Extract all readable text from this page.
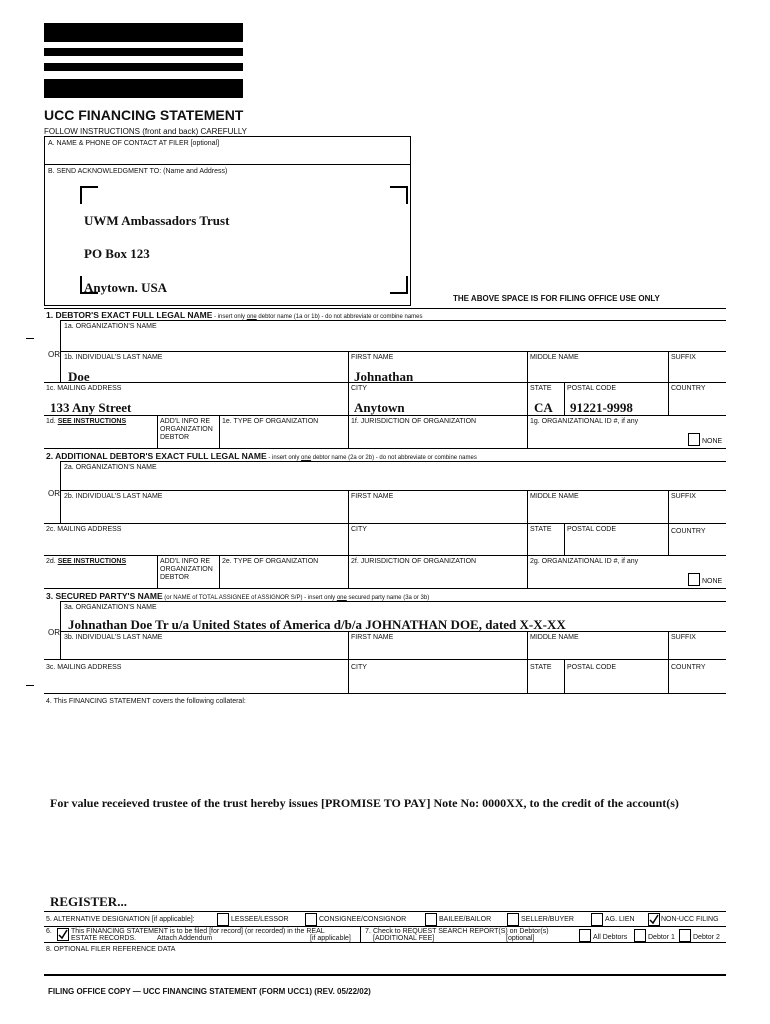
UCC FINANCING STATEMENT
FOLLOW INSTRUCTIONS (front and back) CAREFULLY
A. NAME & PHONE OF CONTACT AT FILER [optional]
B. SEND ACKNOWLEDGMENT TO: (Name and Address)
UWM Ambassadors Trust
PO Box 123
Anytown. USA
THE ABOVE SPACE IS FOR FILING OFFICE USE ONLY
1. DEBTOR'S EXACT FULL LEGAL NAME - insert only one debtor name (1a or 1b) - do not abbreviate or combine names
1a. ORGANIZATION'S NAME
OR 1b. INDIVIDUAL'S LAST NAME	FIRST NAME	MIDDLE NAME	SUFFIX
Doe	Johnathan
1c. MAILING ADDRESS	CITY	STATE POSTAL CODE	COUNTRY
133 Any Street	Anytown	CA 91221-9998
1d. SEE INSTRUCTIONS	ADD'L INFO RE ORGANIZATION DEBTOR
1e. TYPE OF ORGANIZATION	1f. JURISDICTION OF ORGANIZATION	1g. ORGANIZATIONAL ID #, if any
NONE
2. ADDITIONAL DEBTOR'S EXACT FULL LEGAL NAME - insert only one debtor name (2a or 2b) - do not abbreviate or combine names
2a. ORGANIZATION'S NAME
OR 2b. INDIVIDUAL'S LAST NAME	FIRST NAME	MIDDLE NAME	SUFFIX
2c. MAILING ADDRESS	CITY	STATE POSTAL CODE	COUNTRY
2d. SEE INSTRUCTIONS	ADD'L INFO RE ORGANIZATION DEBTOR
2e. TYPE OF ORGANIZATION	2f. JURISDICTION OF ORGANIZATION	2g. ORGANIZATIONAL ID #, if any
NONE
3. SECURED PARTY'S NAME (or NAME of TOTAL ASSIGNEE of ASSIGNOR S/P) - insert only one secured party name (3a or 3b)
3a. ORGANIZATION'S NAME
Johnathan Doe Tr u/a United States of America d/b/a JOHNATHAN DOE, dated X-X-XX
OR
3b. INDIVIDUAL'S LAST NAME	FIRST NAME	MIDDLE NAME	SUFFIX
3c. MAILING ADDRESS	CITY	STATE POSTAL CODE	COUNTRY
4. This FINANCING STATEMENT covers the following collateral:
For value receieved trustee of the trust hereby issues [PROMISE TO PAY] Note No: 0000XX, to the credit of the account(s)
REGISTER...
5. ALTERNATIVE DESIGNATION [if applicable]:	LESSEE/LESSOR	CONSIGNEE/CONSIGNOR	BAILEE/BAILOR	SELLER/BUYER	AG. LIEN	NON-UCC FILING
6.	This FINANCING STATEMENT is to be filed [for record] (or recorded) in the REAL
ESTATE RECORDS.	Attach Addendum	[if applicable]
7. Check to REQUEST SEARCH REPORT(S) on Debtor(s)
[ADDITIONAL FEE]	[optional]	All Debtors	Debtor 1	Debtor 2
8. OPTIONAL FILER REFERENCE DATA
FILING OFFICE COPY — UCC FINANCING STATEMENT (FORM UCC1) (REV. 05/22/02)
